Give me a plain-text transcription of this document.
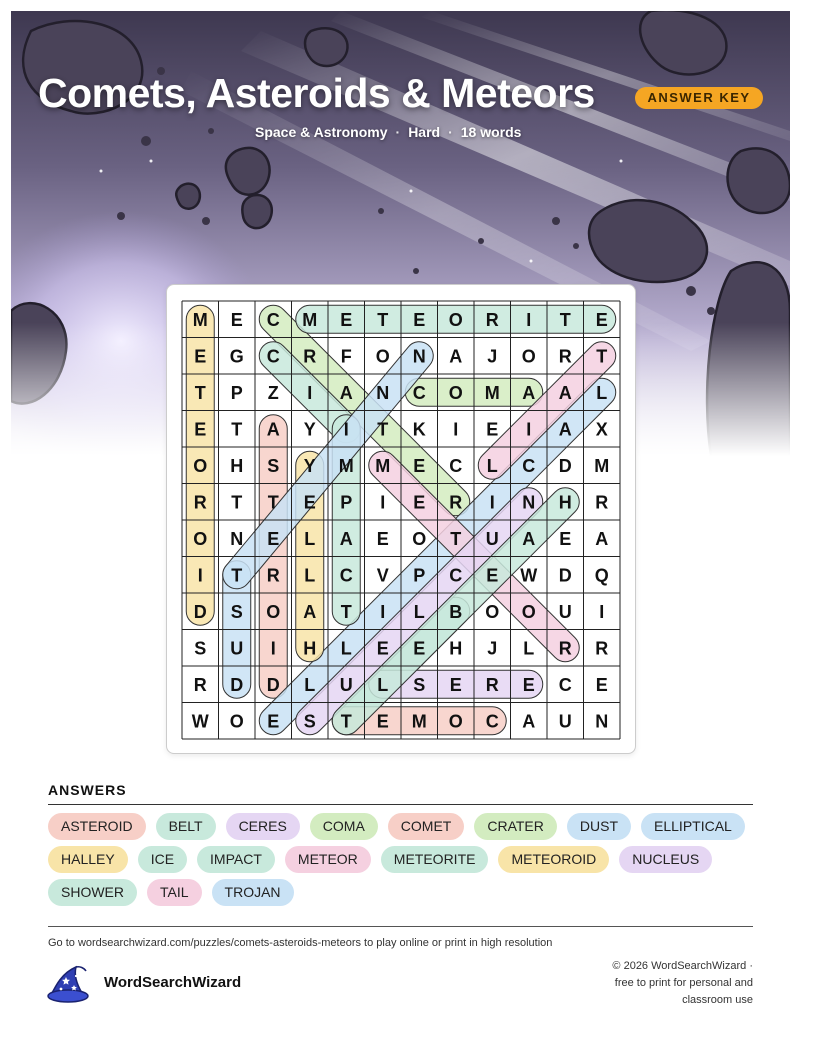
Comets, Asteroids & Meteors	ANSWER KEY
Space & Astronomy · Hard · 18 words
M E C M E T E O R I T E
E G C R F O N A J O R T
T P Z I A N C O M A A L
E T A Y I T K I E I A X
O H S Y M M E C L C D M
R T T E P I E R I N H R
O N E L A E O T U A E A
I T R L C V P C E W D Q
D S O A T I L B O O U I
S U I H L E E H J L R R
R D D L U L S E R E C E
W O E S T E M O C A U N
ANSWERS
ASTEROID	BELT	CERES	COMA	COMET	CRATER	DUST	ELLIPTICAL
HALLEY	ICE	IMPACT	METEOR	METEORITE	METEOROID	NUCLEUS
SHOWER	TAIL	TROJAN
Go to wordsearchwizard.com/puzzles/comets-asteroids-meteors to play online or print in high resolution
WordSearchWizard
© 2026 WordSearchWizard ·
free to print for personal and
classroom use
